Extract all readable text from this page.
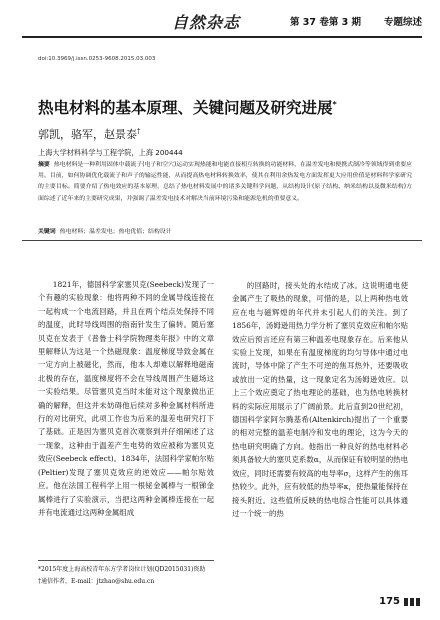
自然杂志	第 37 卷第 3 期 专题综述
doi:10.3969/j.issn.0253-9608.2015.03.003
热电材料的基本原理、关键问题及研究进展*
郭凯，骆军，赵景泰†
上海大学材料科学与工程学院，上海 200444
摘要 热电材料是一种利用固体中载流子(电子和空穴)运动实现热能和电能直接相互转换的功能材料，在温差发电和便携式制冷等领域得到重要应用。目前，如何协调优化载流子和声子的输运性能，从而提高热电材料转换效率，使其在利用余热发电方面发挥更大应用价值是材料科学家研究的主要目标。简要介绍了热电效应的基本原理，总结了热电材料发展中的诸多关键科学问题，从结构设计(原子结构、纳米结构以及微米结构)方面综述了近年来的主要研究成果，并强调了温差发电技术对解决当前环境污染和能源危机的重要意义。
关键词 热电材料；温差发电；热电优值；结构设计
1821年，德国科学家塞贝克(Seebeck)发现了一个有趣的实验现象：他将两种不同的金属导线连接在一起构成一个电流回路，并且在两个结点处保持不同的温度，此时导线周围的指南针发生了偏转。随后塞贝克在发表于《普鲁士科学院物理类年报》中的文章里解释认为这是一个热磁现象：温度梯度导致金属在一定方向上被磁化，然而，他本人却难以解释地磁南北极的存在，温度梯度将不会在导线周围产生磁场这一实验结果。尽管塞贝克当时未能对这个现象做出正确的解释，但这并未妨碍他后续对多种金属材料所进行的对比研究，此项工作也为后来的温差电研究打下了基础。正是因为塞贝克首次观察到并仔细阐述了这一现象，这种由于温差产生电势的效应被称为塞贝克效应(Seebeck effect)。1834年，法国科学家帕尔贴(Peltier)发现了塞贝克效应的逆效应——帕尔贴效应。他在法国工程科学上用一根铋金属棒与一根锑金属棒进行了实验演示，当把这两种金属棒连接在一起并有电流通过这两种金属组成
的回路时，接头处的水结成了冰。这说明通电使金属产生了吸热的现象，可惜的是，以上两种热电效应在电与磁辉煌的年代并未引起人们的关注。到了1856年，汤姆逊用热力学分析了塞贝克效应和帕尔贴效应后预言还应有第三种温差电现象存在。后来他从实验上发现，如果在有温度梯度的均匀导体中通过电流时，导体中除了产生不可逆的焦耳热外，还要吸收或放出一定的热量，这一现象定名为汤姆逊效应。以上三个效应奠定了热电理论的基础，也为热电转换材料的实际应用展示了广阔前景。此后直到20世纪初，德国科学家阿尔腾基希(Altenkirch)提出了一个重要的相对完整的温差电制冷和发电的理论，这为今天的热电研究明确了方向。他指出一种良好的热电材料必须具备较大的塞贝克系数α，从而保证有较明显的热电效应，同时还需要有较高的电导率σ，这样产生的焦耳热较少。此外，应有较低的热导率κ，使热量能保持在接头附近。这些值所反映的热电综合性能可以具体通过一个统一的热
*2015年度上海高校青年东方学者岗位计划(QD2015031)资助
†通信作者，E-mail：jtzhao@shu.edu.cn
175
